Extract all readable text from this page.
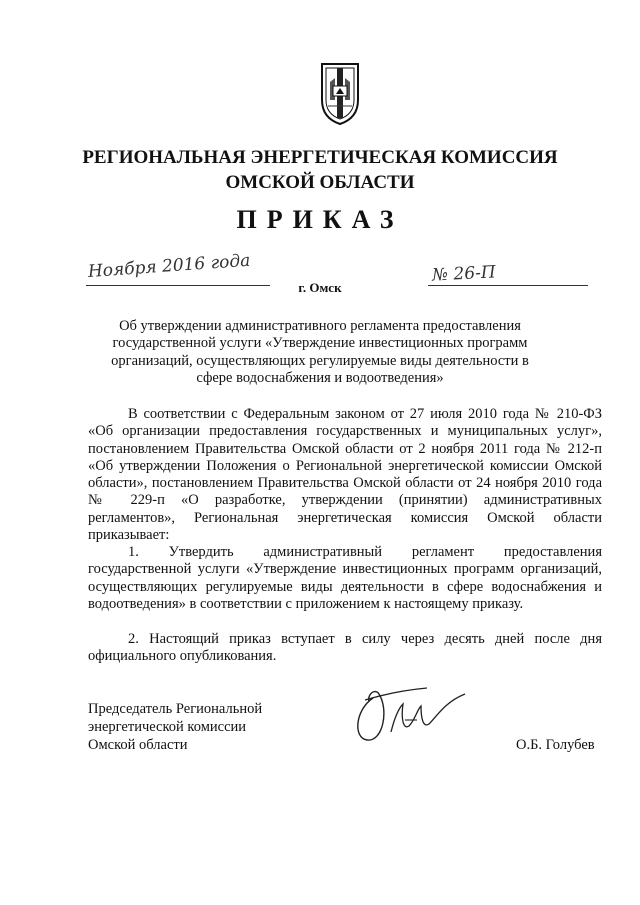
РЕГИОНАЛЬНАЯ ЭНЕРГЕТИЧЕСКАЯ КОМИССИЯ
ОМСКОЙ ОБЛАСТИ
ПРИКАЗ
Ноября 2016 года
г. Омск
№ 26-П
Об утверждении административного регламента предоставления государственной услуги «Утверждение инвестиционных программ организаций, осуществляющих регулируемые виды деятельности в сфере водоснабжения и водоотведения»

В соответствии с Федеральным законом от 27 июля 2010 года № 210-ФЗ «Об организации предоставления государственных и муниципальных услуг», постановлением Правительства Омской области от 2 ноября 2011 года № 212-п «Об утверждении Положения о Региональной энергетической комиссии Омской области», постановлением Правительства Омской области от 24 ноября 2010 года № 229-п «О разработке, утверждении (принятии) административных регламентов», Региональная энергетическая комиссия Омской области приказывает:

1. Утвердить административный регламент предоставления государственной услуги «Утверждение инвестиционных программ организаций, осуществляющих регулируемые виды деятельности в сфере водоснабжения и водоотведения» в соответствии с приложением к настоящему приказу.

2. Настоящий приказ вступает в силу через десять дней после дня официального опубликования.

Председатель Региональной
энергетической комиссии
Омской области	О.Б. Голубев
